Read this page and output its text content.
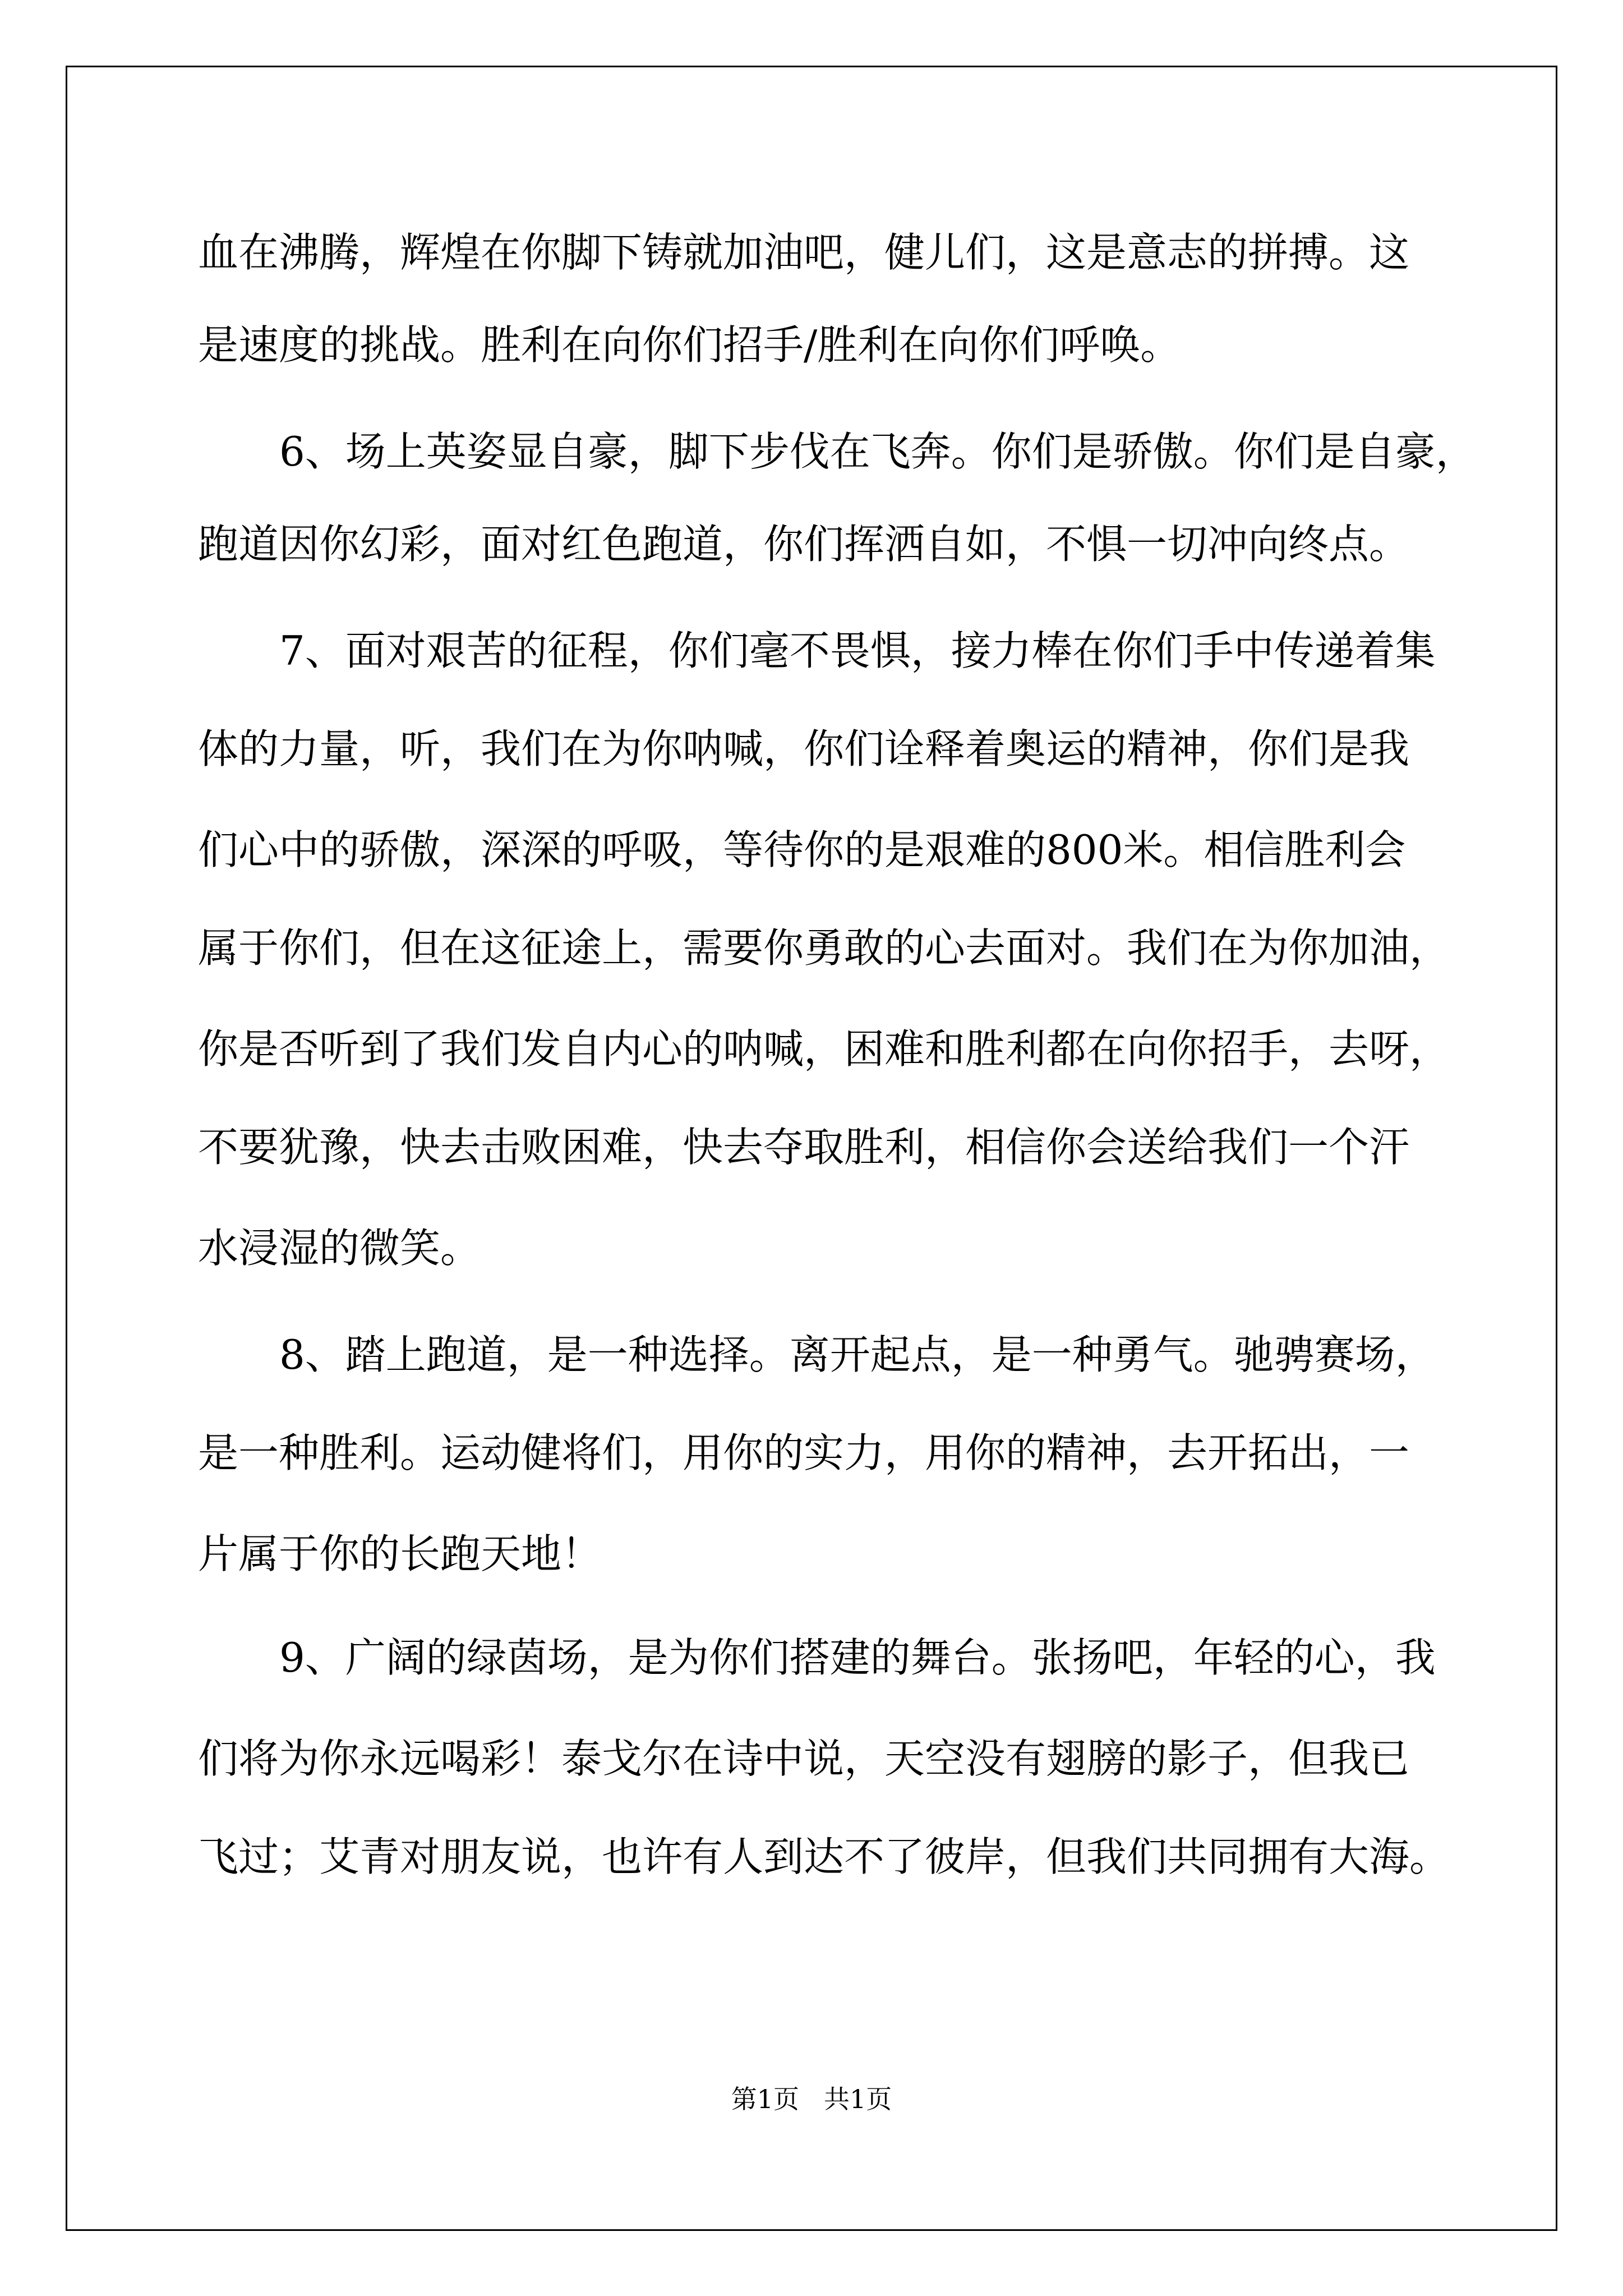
血在沸腾，辉煌在你脚下铸就加油吧，健儿们，这是意志的拼搏。这
是速度的挑战。胜利在向你们招手/胜利在向你们呼唤。
6、场上英姿显自豪，脚下步伐在飞奔。你们是骄傲。你们是自豪，
跑道因你幻彩，面对红色跑道，你们挥洒自如，不惧一切冲向终点。
7、面对艰苦的征程，你们毫不畏惧，接力棒在你们手中传递着集
体的力量，听，我们在为你呐喊，你们诠释着奥运的精神，你们是我
们心中的骄傲，深深的呼吸，等待你的是艰难的800米。相信胜利会
属于你们，但在这征途上，需要你勇敢的心去面对。我们在为你加油，
你是否听到了我们发自内心的呐喊，困难和胜利都在向你招手，去呀，
不要犹豫，快去击败困难，快去夺取胜利，相信你会送给我们一个汗
水浸湿的微笑。
8、踏上跑道，是一种选择。离开起点，是一种勇气。驰骋赛场，
是一种胜利。运动健将们，用你的实力，用你的精神，去开拓出，一
片属于你的长跑天地！
9、广阔的绿茵场，是为你们搭建的舞台。张扬吧，年轻的心，我
们将为你永远喝彩！泰戈尔在诗中说，天空没有翅膀的影子，但我已
飞过；艾青对朋友说，也许有人到达不了彼岸，但我们共同拥有大海。
第1页 共1页
